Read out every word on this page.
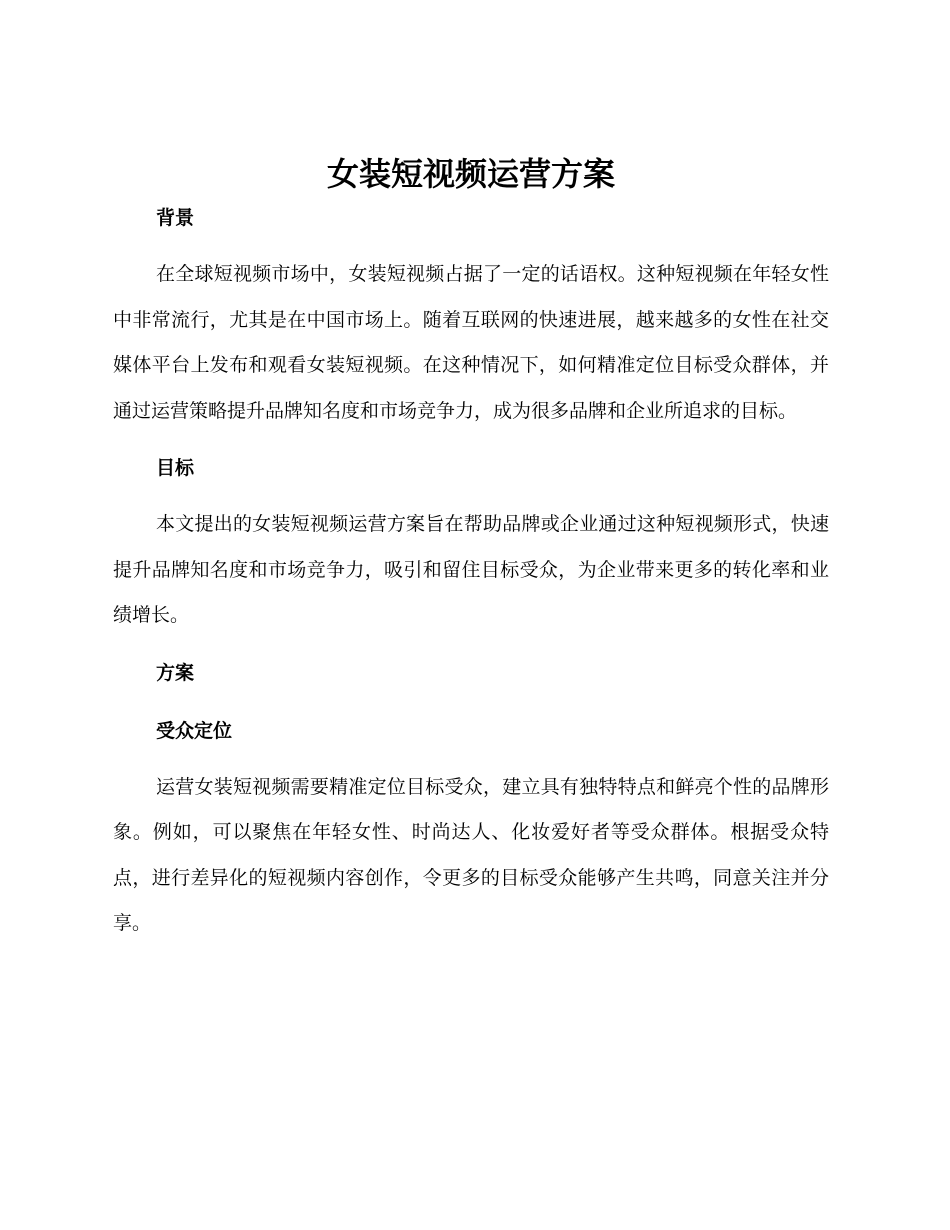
女装短视频运营方案
背景

在全球短视频市场中，女装短视频占据了一定的话语权。这种短视频在年轻女性中非常流行，尤其是在中国市场上。随着互联网的快速进展，越来越多的女性在社交媒体平台上发布和观看女装短视频。在这种情况下，如何精准定位目标受众群体，并通过运营策略提升品牌知名度和市场竞争力，成为很多品牌和企业所追求的目标。

目标

本文提出的女装短视频运营方案旨在帮助品牌或企业通过这种短视频形式，快速提升品牌知名度和市场竞争力，吸引和留住目标受众，为企业带来更多的转化率和业绩增长。

方案
受众定位

运营女装短视频需要精准定位目标受众，建立具有独特特点和鲜亮个性的品牌形象。例如，可以聚焦在年轻女性、时尚达人、化妆爱好者等受众群体。根据受众特点，进行差异化的短视频内容创作，令更多的目标受众能够产生共鸣，同意关注并分享。
